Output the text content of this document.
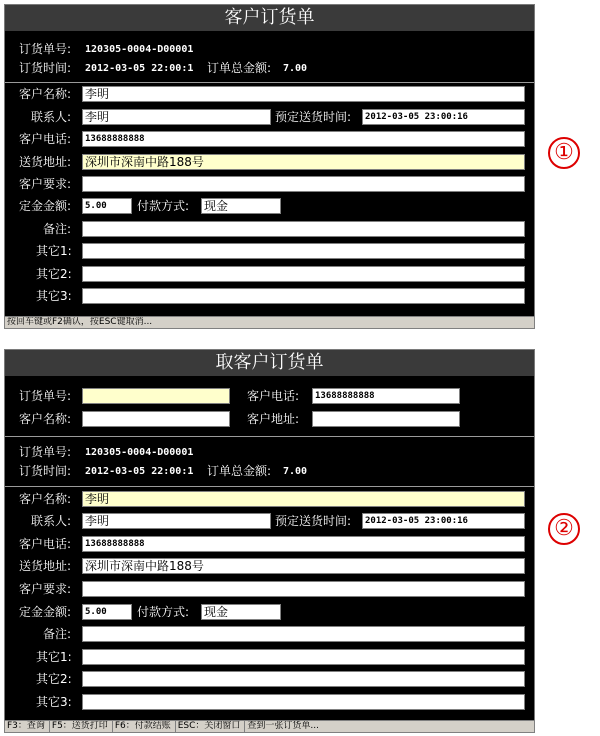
客户订货单
订货单号: 120305-0004-D00001
订货时间: 2012-03-05 22:00:1 订单总金额: 7.00
客户名称: 李明
联系人: 李明	预定送货时间:	2012-03-05 23:00:16
客户电话:	13688888888
送货地址: 深圳市深南中路188号
客户要求:
定金金额:	5.00	付款方式: 现金
备注:
其它1:
其它2:
其它3:
按回车键或F2确认，按ESC键取消...
取客户订货单
订货单号:	客户电话:	13688888888
客户名称:	客户地址:
订货单号: 120305-0004-D00001
订货时间: 2012-03-05 22:00:1 订单总金额: 7.00
客户名称: 李明
联系人: 李明	预定送货时间:	2012-03-05 23:00:16
客户电话:	13688888888
送货地址: 深圳市深南中路188号
客户要求:
定金金额:	5.00	付款方式: 现金
备注:
其它1:
其它2:
其它3:
F3：查询 F5：送货打印 F6：付款结账 ESC：关闭窗口 查到一张订货单...
①
②
